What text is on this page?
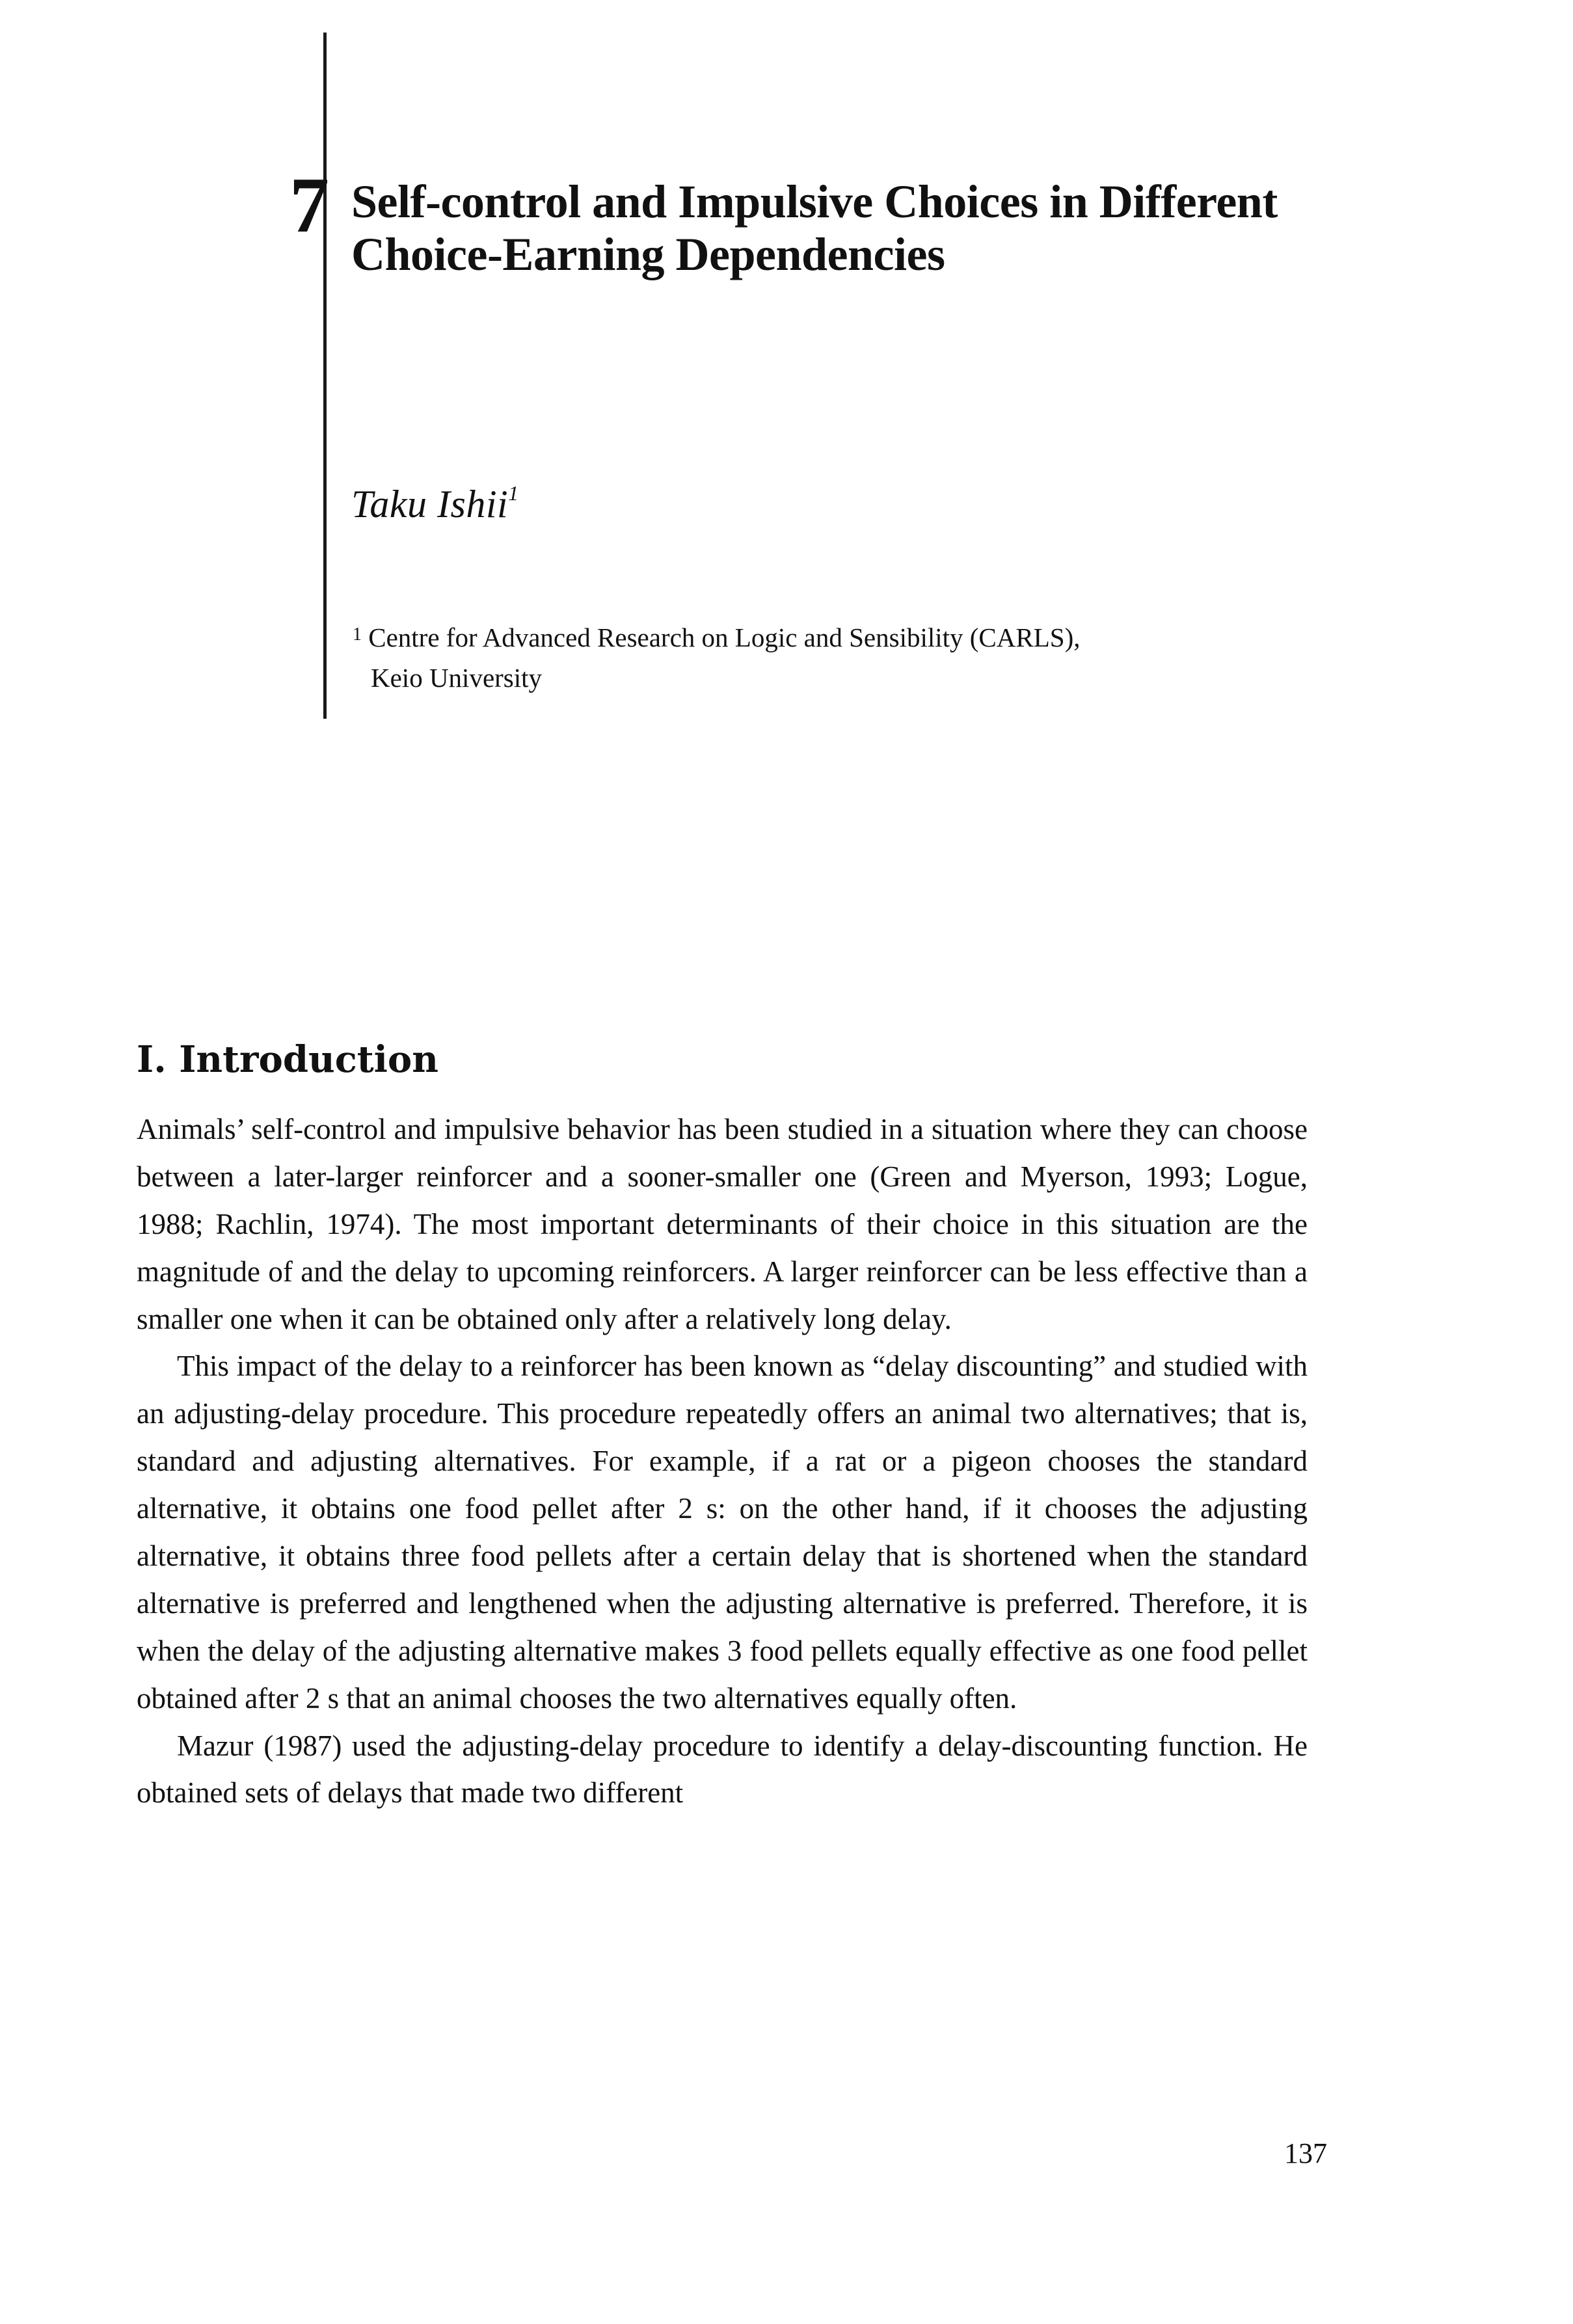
7 Self-control and Impulsive Choices in Different Choice-Earning Dependencies
Taku Ishii$^1$
$^1$ Centre for Advanced Research on Logic and Sensibility (CARLS),
Keio University
I. Introduction

Animals’ self-control and impulsive behavior has been studied in a situation where they can choose between a later-larger reinforcer and a sooner-smaller one (Green and Myerson, 1993; Logue, 1988; Rachlin, 1974). The most important determinants of their choice in this situation are the magnitude of and the delay to upcoming reinforcers. A larger reinforcer can be less effective than a smaller one when it can be obtained only after a relatively long delay.

This impact of the delay to a reinforcer has been known as “delay discounting” and studied with an adjusting-delay procedure. This procedure repeatedly offers an animal two alternatives; that is, standard and adjusting alternatives. For example, if a rat or a pigeon chooses the standard alternative, it obtains one food pellet after 2 s: on the other hand, if it chooses the adjusting alternative, it obtains three food pellets after a certain delay that is shortened when the standard alternative is preferred and lengthened when the adjusting alternative is preferred. Therefore, it is when the delay of the adjusting alternative makes 3 food pellets equally effective as one food pellet obtained after 2 s that an animal chooses the two alternatives equally often.

Mazur (1987) used the adjusting-delay procedure to identify a delay-discounting function. He obtained sets of delays that made two different

137
